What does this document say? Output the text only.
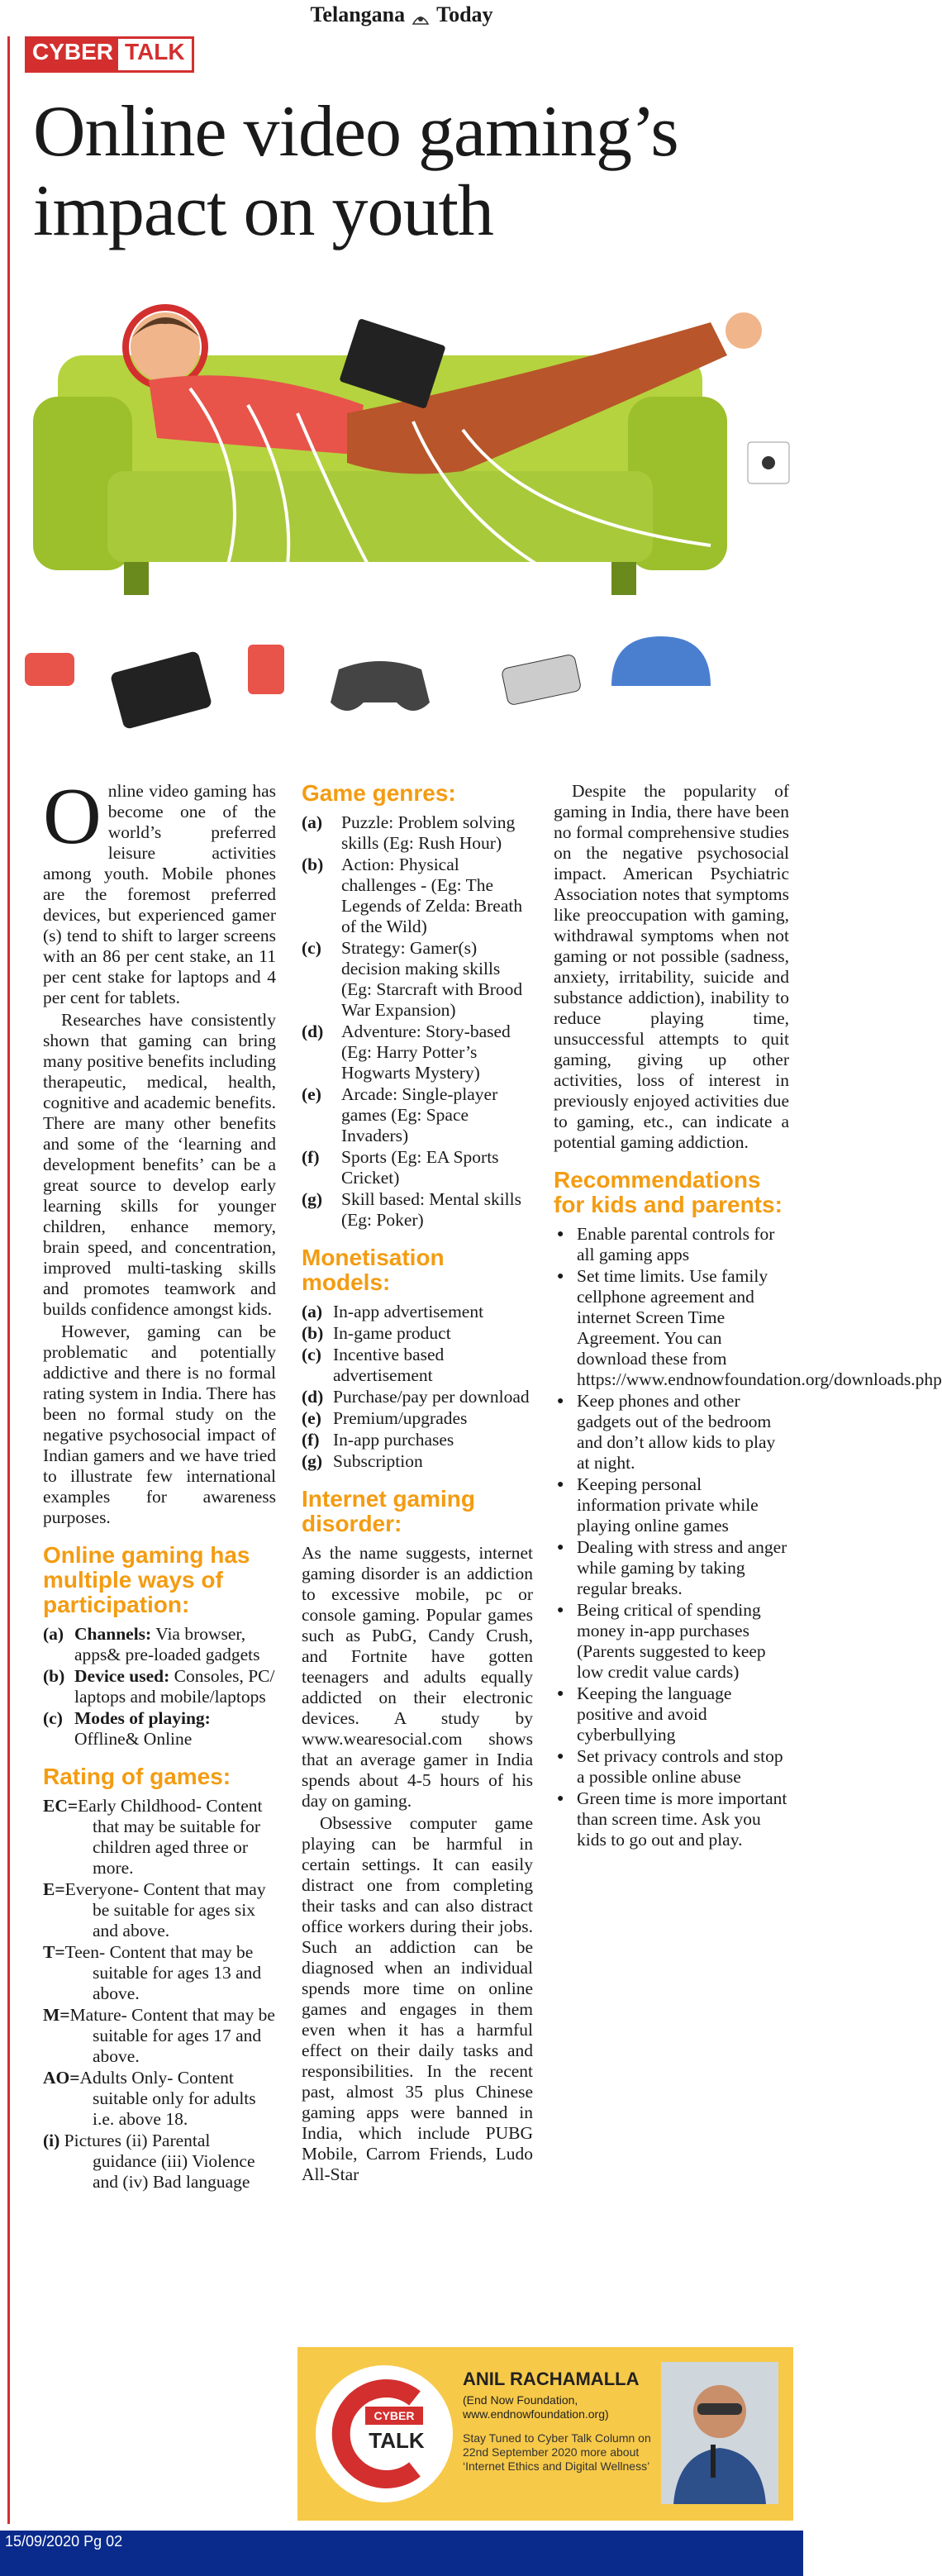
Telangana Today
CYBER TALK
Online video gaming’s
impact on youth

Online video gaming has become one of the world’s preferred leisure activities among youth. Mobile phones are the foremost preferred devices, but experienced gamer (s) tend to shift to larger screens with an 86 per cent stake, an 11 per cent stake for laptops and 4 per cent for tablets.

Researches have consistently shown that gaming can bring many positive benefits including therapeutic, medical, health, cognitive and academic benefits. There are many other benefits and some of the ‘learning and development benefits’ can be a great source to develop early learning skills for younger children, enhance memory, brain speed, and concentration, improved multi-tasking skills and promotes teamwork and builds confidence amongst kids.

However, gaming can be problematic and potentially addictive and there is no formal rating system in India. There has been no formal study on the negative psychosocial impact of Indian gamers and we have tried to illustrate few international examples for awareness purposes.

Online gaming has multiple ways of participation:
(a) Channels: Via browser, apps& pre-loaded gadgets
(b) Device used: Consoles, PC/ laptops and mobile/laptops
(c) Modes of playing: Offline& Online
Rating of games:
EC=Early Childhood- Content that may be suitable for children aged three or more.
E=Everyone- Content that may be suitable for ages six and above.
T=Teen- Content that may be suitable for ages 13 and above.
M=Mature- Content that may be suitable for ages 17 and above.
AO=Adults Only- Content suitable only for adults i.e. above 18.
(i) Pictures (ii) Parental guidance (iii) Violence and (iv) Bad language
Game genres:
(a) Puzzle: Problem solving skills (Eg: Rush Hour)
(b) Action: Physical challenges - (Eg: The Legends of Zelda: Breath of the Wild)
(c) Strategy: Gamer(s) decision making skills (Eg: Starcraft with Brood War Expansion)
(d) Adventure: Story-based (Eg: Harry Potter’s Hogwarts Mystery)
(e) Arcade: Single-player games (Eg: Space Invaders)
(f) Sports (Eg: EA Sports Cricket)
(g) Skill based: Mental skills (Eg: Poker)
Monetisation models:
(a) In-app advertisement
(b) In-game product
(c) Incentive based advertisement
(d) Purchase/pay per download
(e) Premium/upgrades
(f) In-app purchases
(g) Subscription
Internet gaming disorder:

As the name suggests, internet gaming disorder is an addiction to excessive mobile, pc or console gaming. Popular games such as PubG, Candy Crush, and Fortnite have gotten teenagers and adults equally addicted on their electronic devices. A study by www.wearesocial.com shows that an average gamer in India spends about 4-5 hours of his day on gaming.

Obsessive computer game playing can be harmful in certain settings. It can easily distract one from completing their tasks and can also distract office workers during their jobs. Such an addiction can be diagnosed when an individual spends more time on online games and engages in them even when it has a harmful effect on their daily tasks and responsibilities. In the recent past, almost 35 plus Chinese gaming apps were banned in India, which include PUBG Mobile, Carrom Friends, Ludo All-Star

Despite the popularity of gaming in India, there have been no formal comprehensive studies on the negative psychosocial impact. American Psychiatric Association notes that symptoms like preoccupation with gaming, withdrawal symptoms when not gaming or not possible (sadness, anxiety, irritability, suicide and substance addiction), inability to reduce playing time, unsuccessful attempts to quit gaming, giving up other activities, loss of interest in previously enjoyed activities due to gaming, etc., can indicate a potential gaming addiction.

Recommendations for kids and parents:
● Enable parental controls for all gaming apps
● Set time limits. Use family cellphone agreement and internet Screen Time Agreement. You can download these from https://www.endnowfoundation.org/downloads.php
● Keep phones and other gadgets out of the bedroom and don’t allow kids to play at night.
● Keeping personal information private while playing online games
● Dealing with stress and anger while gaming by taking regular breaks.
● Being critical of spending money in-app purchases (Parents suggested to keep low credit value cards)
● Keeping the language positive and avoid cyberbullying
● Set privacy controls and stop a possible online abuse
● Green time is more important than screen time. Ask you kids to go out and play.
CYBER
TALK
ANIL RACHAMALLA
(End Now Foundation, www.endnowfoundation.org)
Stay Tuned to Cyber Talk Column on 22nd September 2020 more about ‘Internet Ethics and Digital Wellness’
15/09/2020 Pg 02
